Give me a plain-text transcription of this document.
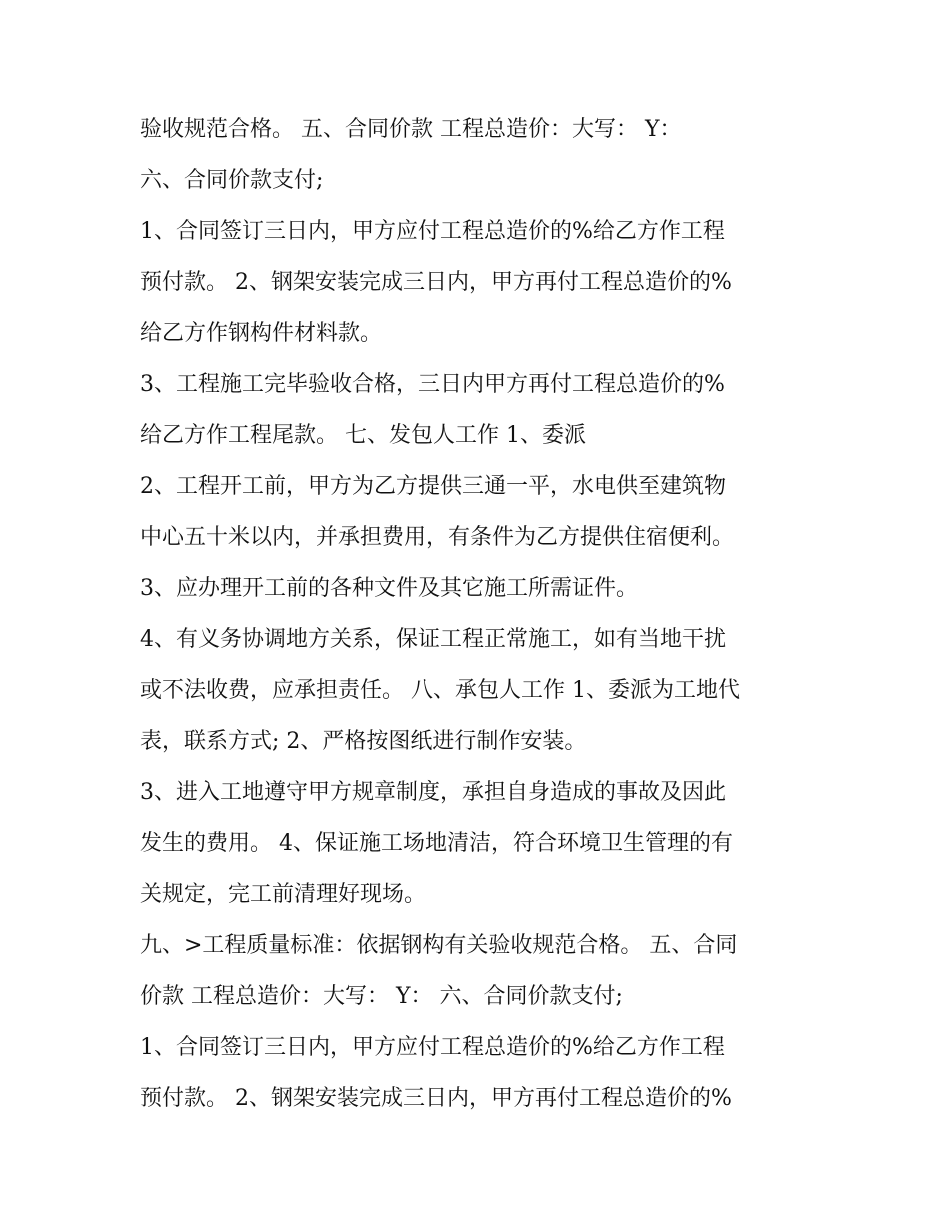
验收规范合格。 五、合同价款 工程总造价：大写： Y：
六、合同价款支付;
1、合同签订三日内，甲方应付工程总造价的%给乙方作工程
预付款。 2、钢架安装完成三日内，甲方再付工程总造价的%
给乙方作钢构件材料款。
3、工程施工完毕验收合格，三日内甲方再付工程总造价的%
给乙方作工程尾款。 七、发包人工作 1、委派
2、工程开工前，甲方为乙方提供三通一平，水电供至建筑物
中心五十米以内，并承担费用，有条件为乙方提供住宿便利。
3、应办理开工前的各种文件及其它施工所需证件。
4、有义务协调地方关系，保证工程正常施工，如有当地干扰
或不法收费，应承担责任。 八、承包人工作 1、委派为工地代
表，联系方式; 2、严格按图纸进行制作安装。
3、进入工地遵守甲方规章制度，承担自身造成的事故及因此
发生的费用。 4、保证施工场地清洁，符合环境卫生管理的有
关规定，完工前清理好现场。
九、>工程质量标准：依据钢构有关验收规范合格。 五、合同
价款 工程总造价：大写： Y： 六、合同价款支付;
1、合同签订三日内，甲方应付工程总造价的%给乙方作工程
预付款。 2、钢架安装完成三日内，甲方再付工程总造价的%
